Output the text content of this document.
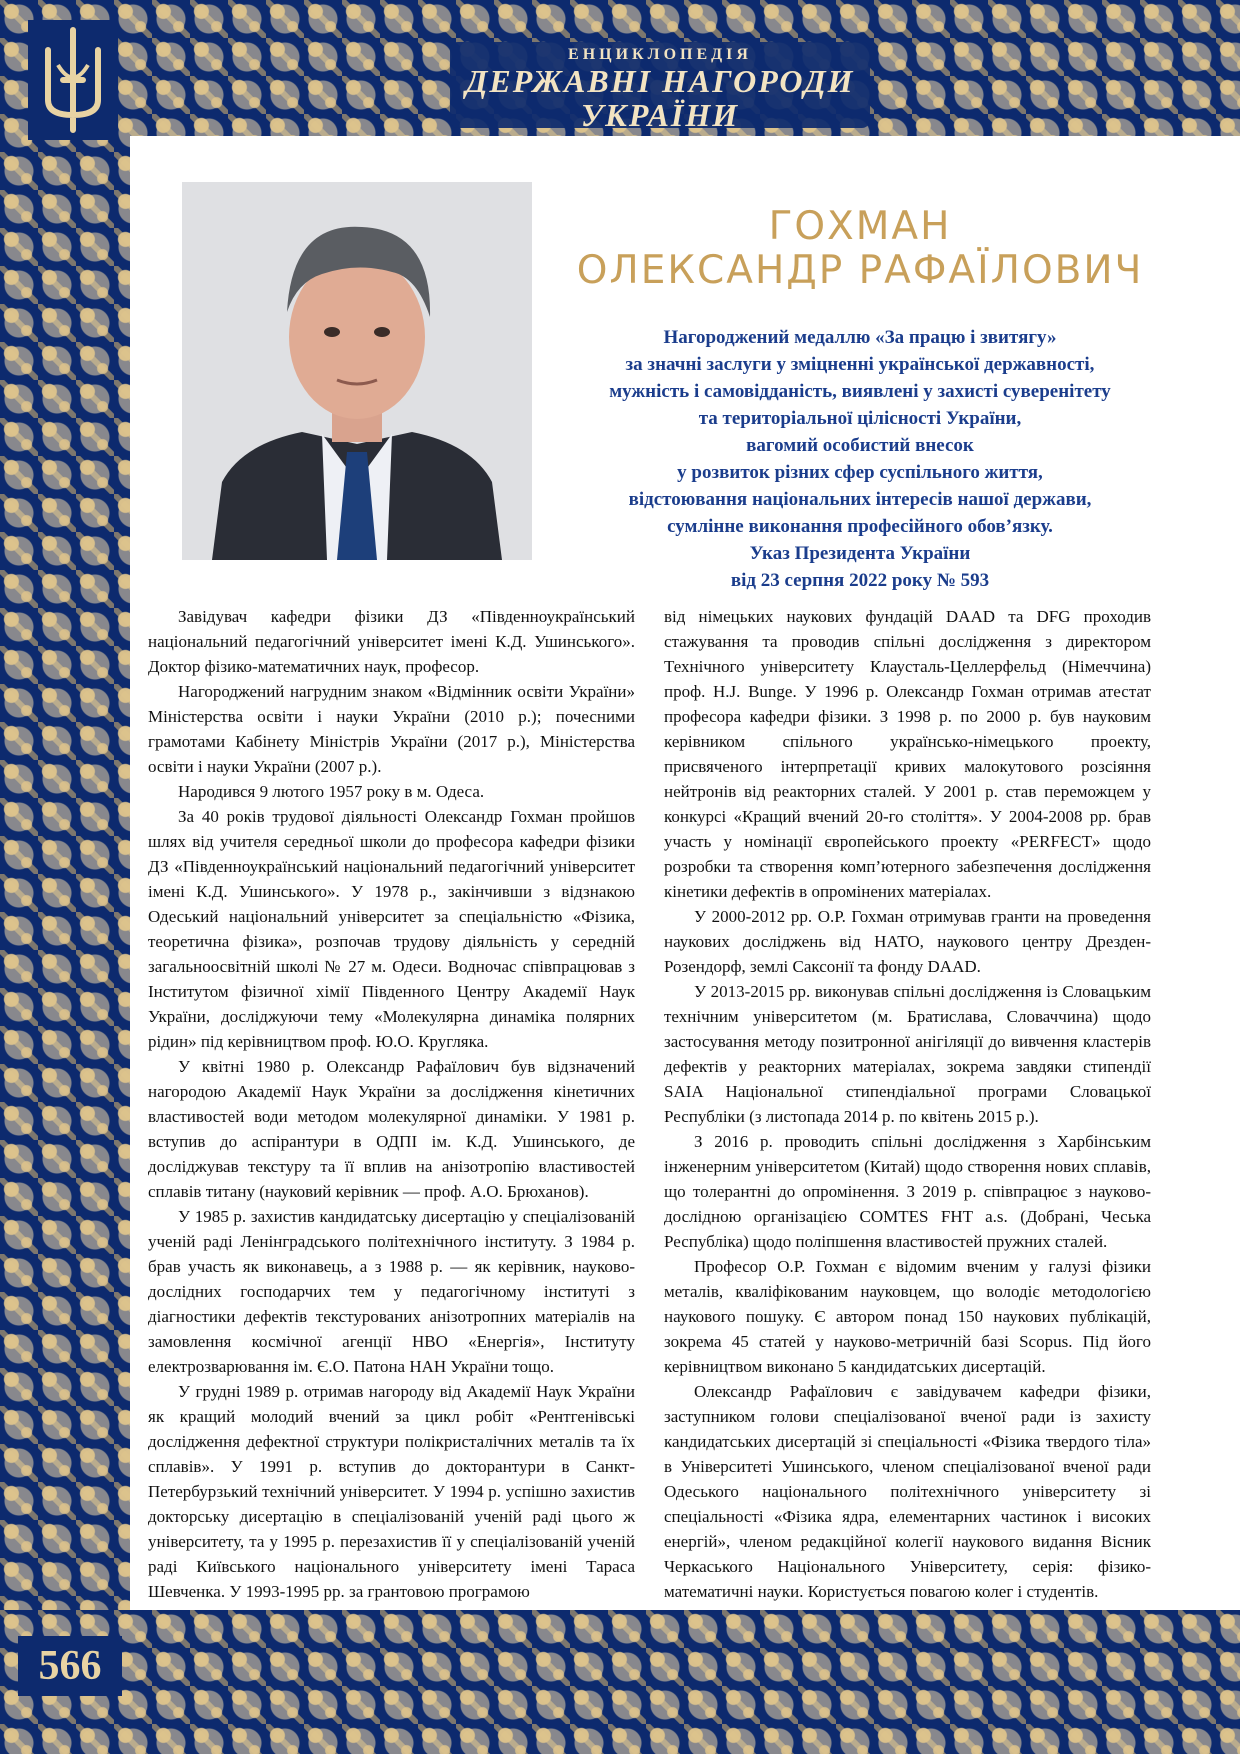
ЕНЦИКЛОПЕДІЯ
ДЕРЖАВНІ НАГОРОДИ
УКРАЇНИ
ГОХМАН
ОЛЕКСАНДР РАФАЇЛОВИЧ
Нагороджений медаллю «За працю і звитягу»
за значні заслуги у зміцненні української державності,
мужність і самовідданість, виявлені у захисті суверенітету
та територіальної цілісності України,
вагомий особистий внесок
у розвиток різних сфер суспільного життя,
відстоювання національних інтересів нашої держави,
сумлінне виконання професійного обов’язку.
Указ Президента України
від 23 серпня 2022 року № 593

Завідувач кафедри фізики ДЗ «Південноукраїнський національний педагогічний університет імені К.Д. Ушинського». Доктор фізико-математичних наук, професор.

Нагороджений нагрудним знаком «Відмінник освіти України» Міністерства освіти і науки України (2010 р.); почесними грамотами Кабінету Міністрів України (2017 р.), Міністерства освіти і науки України (2007 р.).

Народився 9 лютого 1957 року в м. Одеса.

За 40 років трудової діяльності Олександр Гохман пройшов шлях від учителя середньої школи до професора кафедри фізики ДЗ «Південноукраїнський національний педагогічний університет імені К.Д. Ушинського». У 1978 р., закінчивши з відзнакою Одеський національний університет за спеціальністю «Фізика, теоретична фізика», розпочав трудову діяльність у середній загальноосвітній школі № 27 м. Одеси. Водночас співпрацював з Інститутом фізичної хімії Південного Центру Академії Наук України, досліджуючи тему «Молекулярна динаміка полярних рідин» під керівництвом проф. Ю.О. Кругляка.

У квітні 1980 р. Олександр Рафаїлович був відзначений нагородою Академії Наук України за дослідження кінетичних властивостей води методом молекулярної динаміки. У 1981 р. вступив до аспірантури в ОДПІ ім. К.Д. Ушинського, де досліджував текстуру та її вплив на анізотропію властивостей сплавів титану (науковий керівник — проф. А.О. Брюханов).

У 1985 р. захистив кандидатську дисертацію у спеціалізованій ученій раді Ленінградського політехнічного інституту. З 1984 р. брав участь як виконавець, а з 1988 р. — як керівник, науково-дослідних господарчих тем у педагогічному інституті з діагностики дефектів текстурованих анізотропних матеріалів на замовлення космічної агенції НВО «Енергія», Інституту електрозварювання ім. Є.О. Патона НАН України тощо.

У грудні 1989 р. отримав нагороду від Академії Наук України як кращий молодий вчений за цикл робіт «Рентгенівські дослідження дефектної структури полікристалічних металів та їх сплавів». У 1991 р. вступив до докторантури в Санкт-Петербурзький технічний університет. У 1994 р. успішно захистив докторську дисертацію в спеціалізованій ученій раді цього ж університету, та у 1995 р. перезахистив її у спеціалізованій ученій раді Київського національного університету імені Тараса Шевченка. У 1993-1995 рр. за грантовою програмою

від німецьких наукових фундацій DAAD та DFG проходив стажування та проводив спільні дослідження з директором Технічного університету Клаусталь-Целлерфельд (Німеччина) проф. H.J. Bunge. У 1996 р. Олександр Гохман отримав атестат професора кафедри фізики. З 1998 р. по 2000 р. був науковим керівником спільного українсько-німецького проекту, присвяченого інтерпретації кривих малокутового розсіяння нейтронів від реакторних сталей. У 2001 р. став переможцем у конкурсі «Кращий вчений 20-го століття». У 2004-2008 рр. брав участь у номінації європейського проекту «PERFECT» щодо розробки та створення комп’ютерного забезпечення дослідження кінетики дефектів в опромінених матеріалах.

У 2000-2012 рр. О.Р. Гохман отримував гранти на проведення наукових досліджень від НАТО, наукового центру Дрезден-Розендорф, землі Саксонії та фонду DAAD.

У 2013-2015 рр. виконував спільні дослідження із Словацьким технічним університетом (м. Братислава, Словаччина) щодо застосування методу позитронної анігіляції до вивчення кластерів дефектів у реакторних матеріалах, зокрема завдяки стипендії SAIA Національної стипендіальної програми Словацької Республіки (з листопада 2014 р. по квітень 2015 р.).

З 2016 р. проводить спільні дослідження з Харбінським інженерним університетом (Китай) щодо створення нових сплавів, що толерантні до опромінення. З 2019 р. співпрацює з науково-дослідною організацією COMTES FHT a.s. (Добрані, Чеська Республіка) щодо поліпшення властивостей пружних сталей.

Професор О.Р. Гохман є відомим вченим у галузі фізики металів, кваліфікованим науковцем, що володіє методологією наукового пошуку. Є автором понад 150 наукових публікацій, зокрема 45 статей у науково-метричній базі Scopus. Під його керівництвом виконано 5 кандидатських дисертацій.

Олександр Рафаїлович є завідувачем кафедри фізики, заступником голови спеціалізованої вченої ради із захисту кандидатських дисертацій зі спеціальності «Фізика твердого тіла» в Університеті Ушинського, членом спеціалізованої вченої ради Одеського національного політехнічного університету зі спеціальності «Фізика ядра, елементарних частинок і високих енергій», членом редакційної колегії наукового видання Вісник Черкаського Національного Університету, серія: фізико-математичні науки. Користується повагою колег і студентів.

566
